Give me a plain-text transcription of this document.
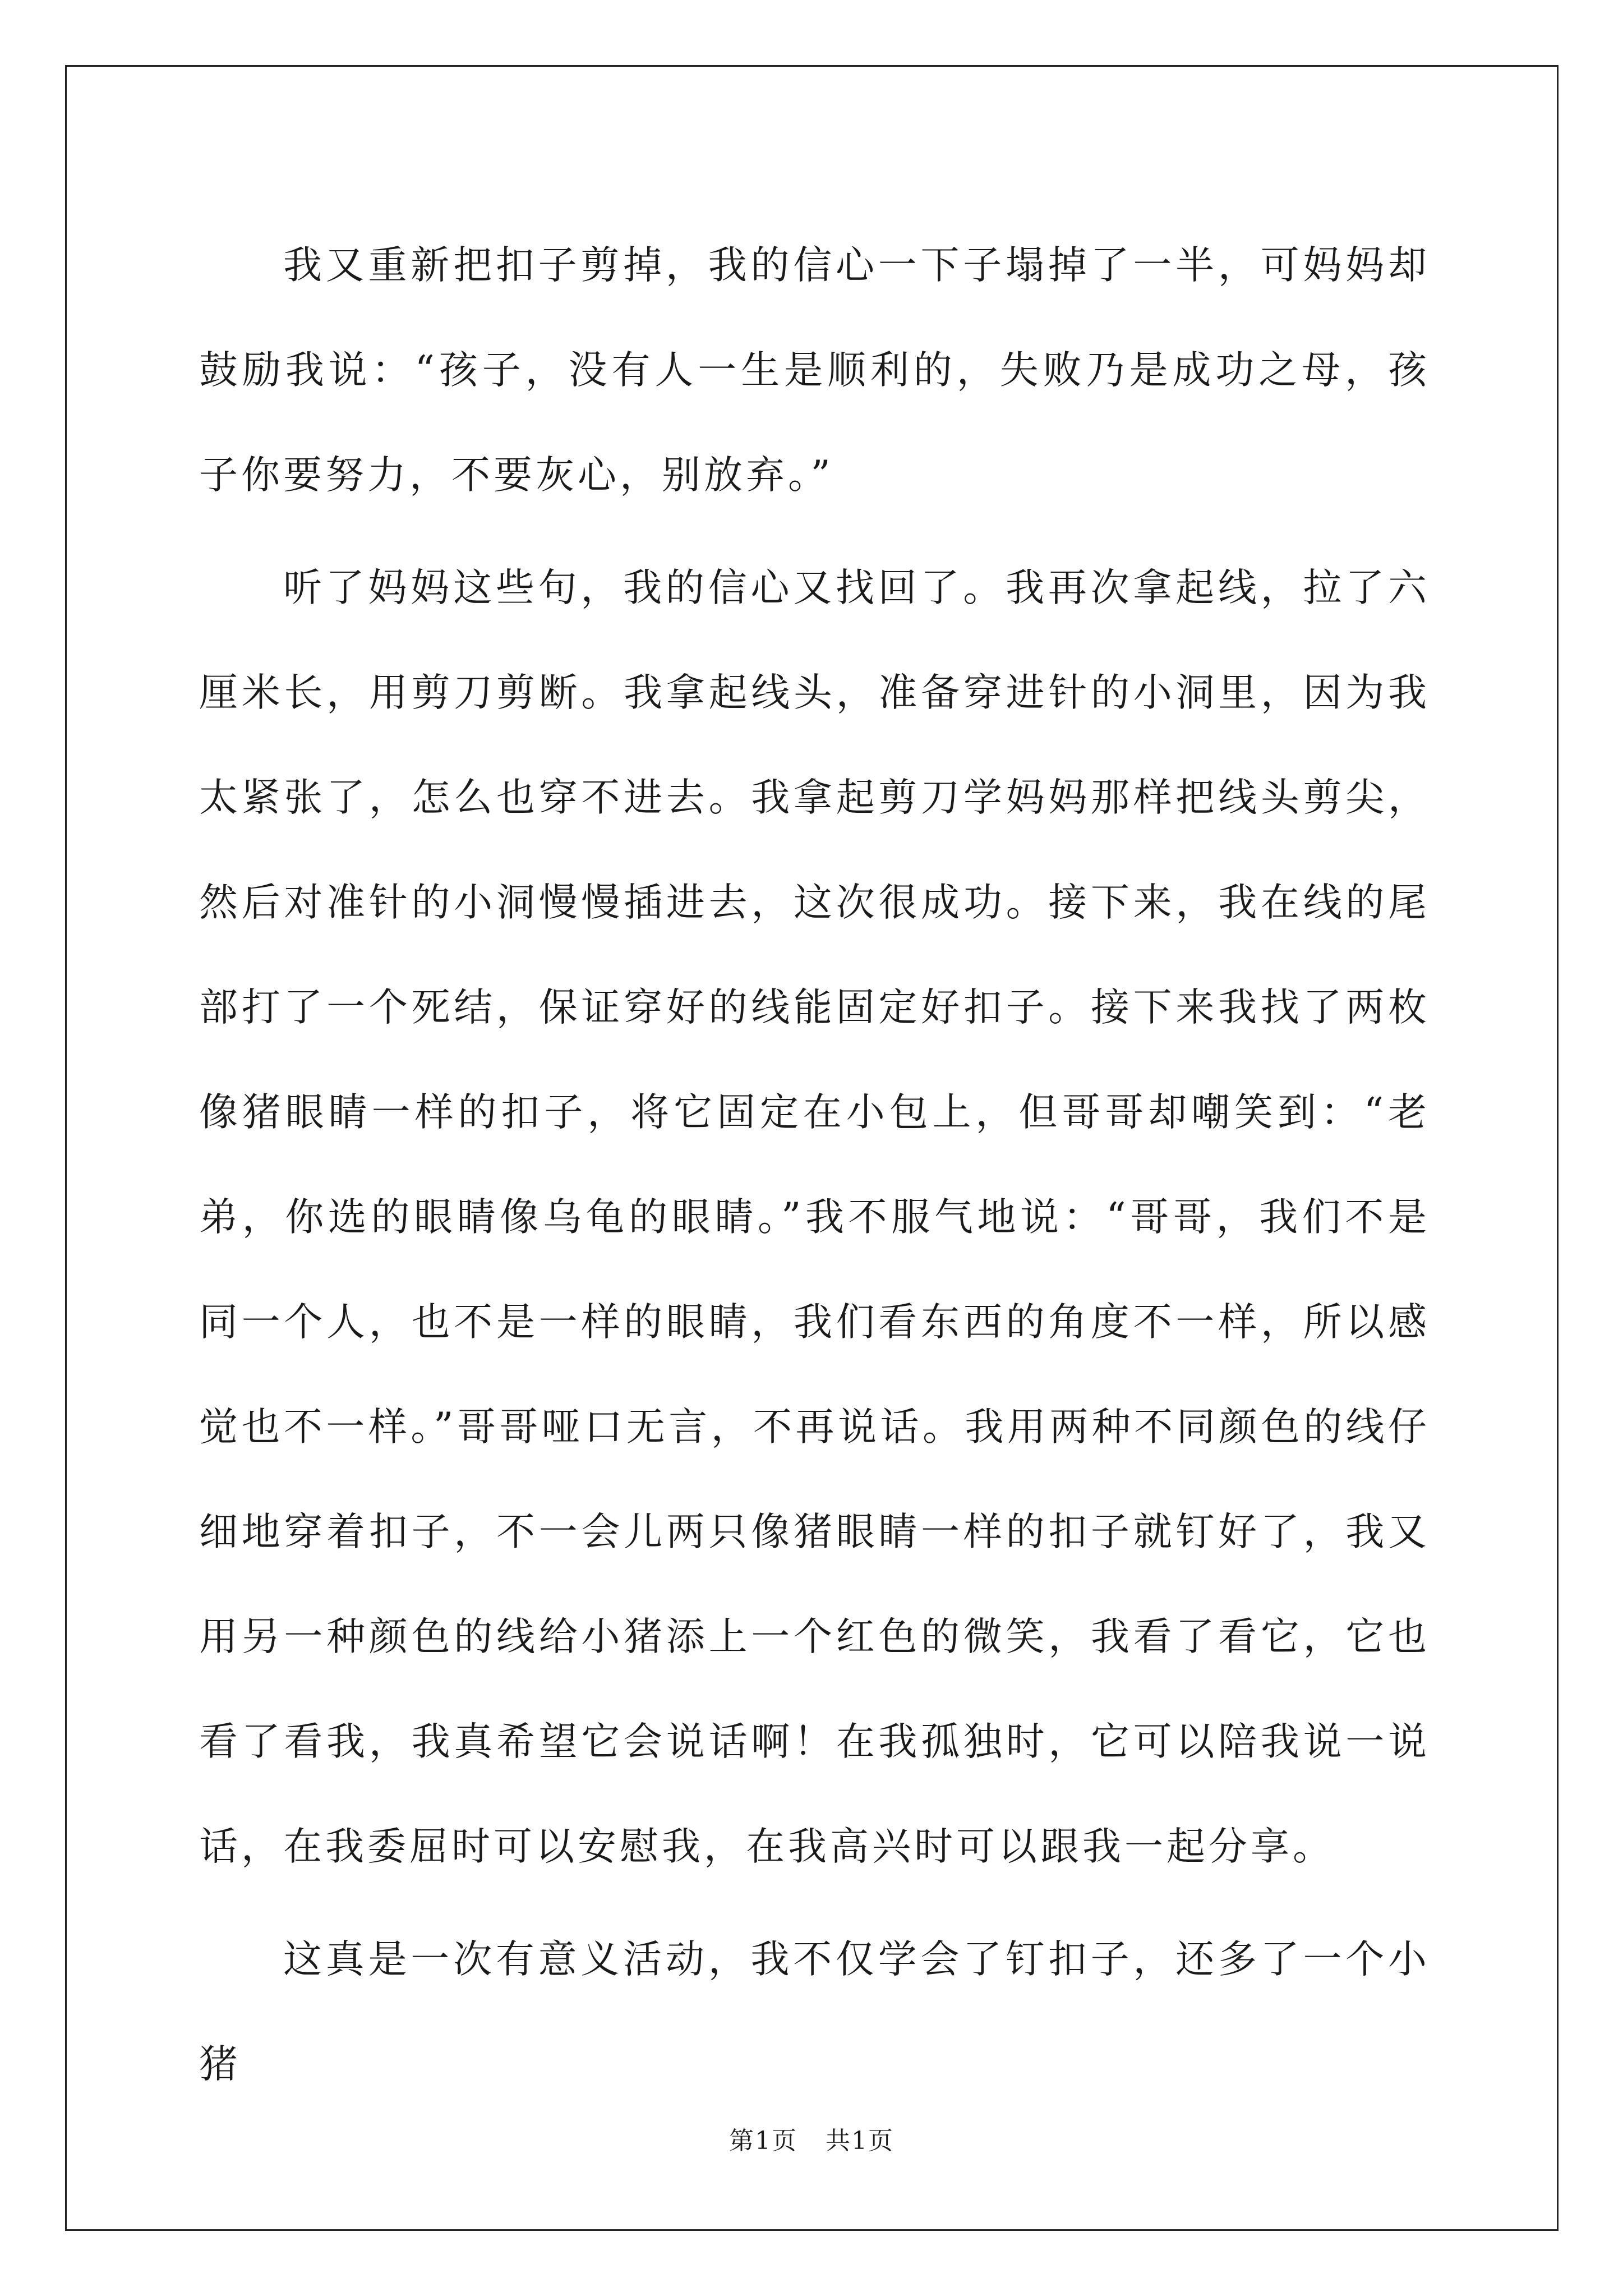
我又重新把扣子剪掉，我的信心一下子塌掉了一半，可妈妈却鼓励我说：“孩子，没有人一生是顺利的，失败乃是成功之母，孩子你要努力，不要灰心，别放弃。”

听了妈妈这些句，我的信心又找回了。我再次拿起线，拉了六厘米长，用剪刀剪断。我拿起线头，准备穿进针的小洞里，因为我太紧张了，怎么也穿不进去。我拿起剪刀学妈妈那样把线头剪尖，然后对准针的小洞慢慢插进去，这次很成功。接下来，我在线的尾部打了一个死结，保证穿好的线能固定好扣子。接下来我找了两枚像猪眼睛一样的扣子，将它固定在小包上，但哥哥却嘲笑到：“老弟，你选的眼睛像乌龟的眼睛。”我不服气地说：“哥哥，我们不是同一个人，也不是一样的眼睛，我们看东西的角度不一样，所以感觉也不一样。”哥哥哑口无言，不再说话。我用两种不同颜色的线仔细地穿着扣子，不一会儿两只像猪眼睛一样的扣子就钉好了，我又用另一种颜色的线给小猪添上一个红色的微笑，我看了看它，它也看了看我，我真希望它会说话啊！在我孤独时，它可以陪我说一说话，在我委屈时可以安慰我，在我高兴时可以跟我一起分享。

这真是一次有意义活动，我不仅学会了钉扣子，还多了一个小猪

第1页 共1页
